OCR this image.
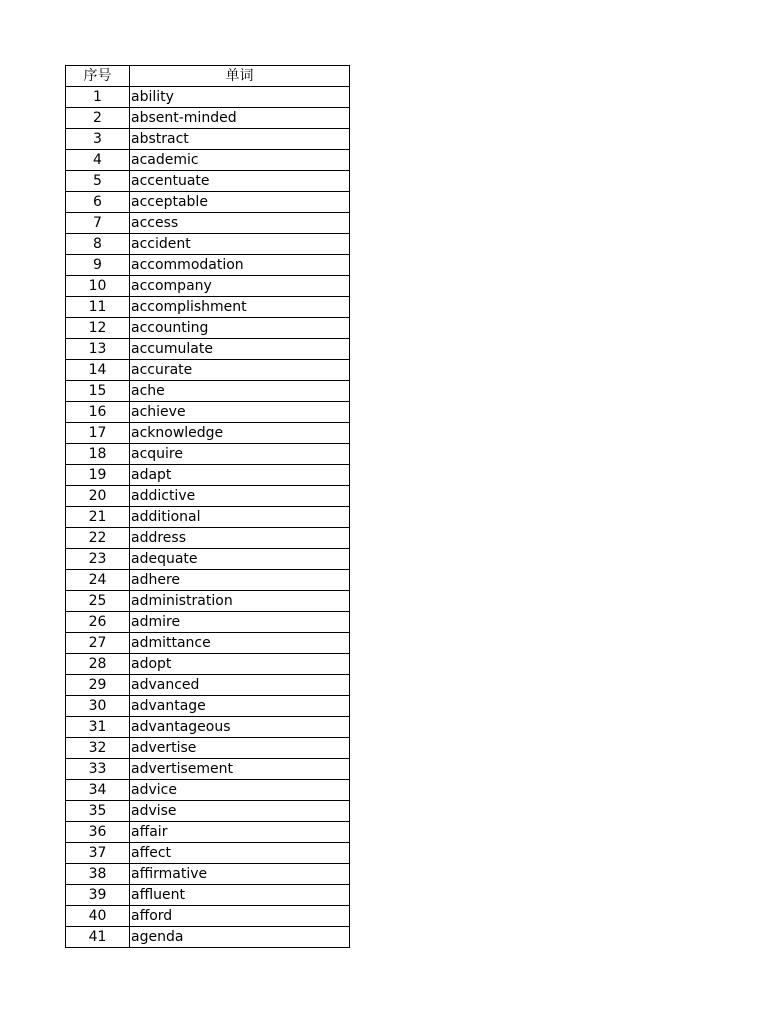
序号	单词
1	ability
2	absent-minded
3	abstract
4	academic
5	accentuate
6	acceptable
7	access
8	accident
9	accommodation
10	accompany
11	accomplishment
12	accounting
13	accumulate
14	accurate
15	ache
16	achieve
17	acknowledge
18	acquire
19	adapt
20	addictive
21	additional
22	address
23	adequate
24	adhere
25	administration
26	admire
27	admittance
28	adopt
29	advanced
30	advantage
31	advantageous
32	advertise
33	advertisement
34	advice
35	advise
36	affair
37	affect
38	affirmative
39	affluent
40	afford
41	agenda
